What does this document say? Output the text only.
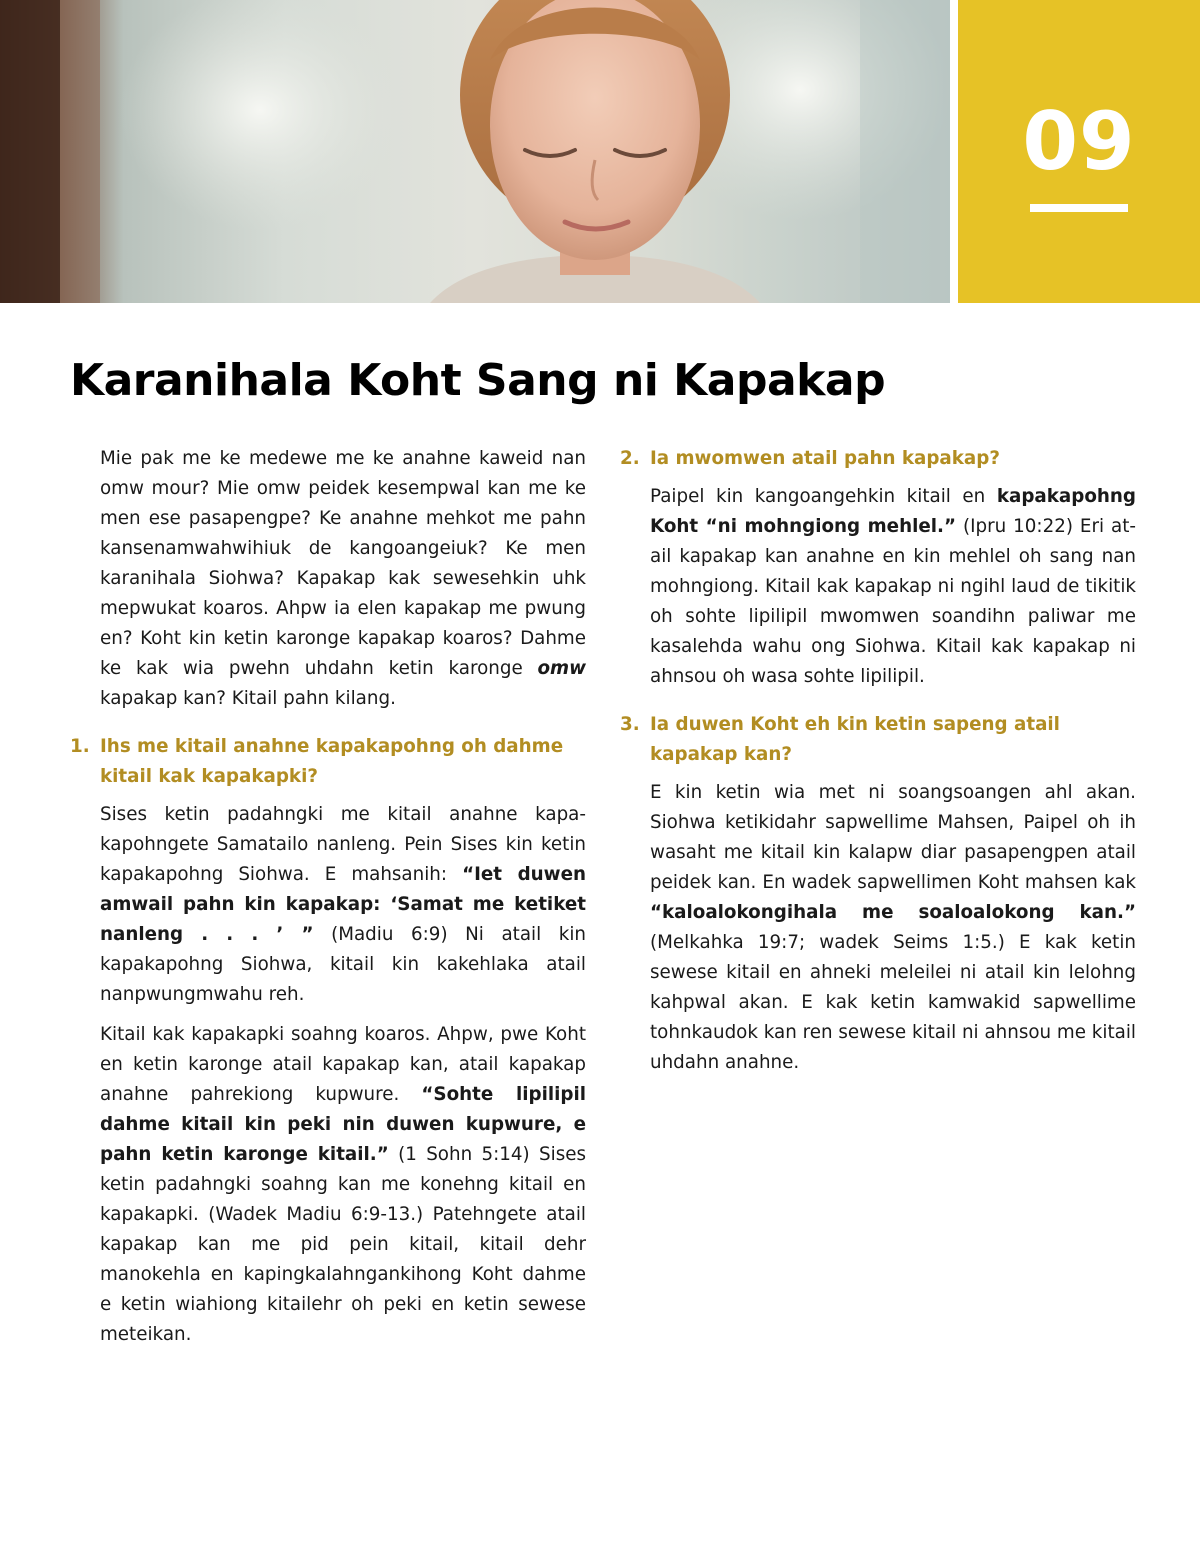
09
Karanihala Koht Sang ni Kapakap

Mie pak me ke medewe me ke anahne kaweid nan omw mour? Mie omw peidek kesempwal kan me ke men ese pasapengpe? Ke anahne mehkot me pahn kansenamwahwihiuk de kangoangeiuk? Ke men karanihala Siohwa? Kapakap kak sewesehkin uhk mepwukat koaros. Ahpw ia elen kapakap me pwung en? Koht kin ketin karonge kapakap koaros? Dahme ke kak wia pwehn uhdahn ketin karonge omw kapakap kan? Kitail pahn kilang.

1. Ihs me kitail anahne kapakapohng oh dahme kitail kak kapakapki?

Sises ketin padahngki me kitail anahne kapakapohngete Samatailo nanleng. Pein Sises kin ketin kapakapohng Siohwa. E mahsanih: “Iet duwen amwail pahn kin kapakap: ‘Samat me ketiket nanleng . . . ’ ” (Madiu 6:9) Ni atail kin kapakapohng Siohwa, kitail kin kakehlaka atail nanpwungmwahu reh.

Kitail kak kapakapki soahng koaros. Ahpw, pwe Koht en ketin karonge atail kapakap kan, atail kapakap anahne pahrekiong kupwure. “Sohte lipilipil dahme kitail kin peki nin duwen kupwure, e pahn ketin karonge kitail.” (1 Sohn 5:14) Sises ketin padahngki soahng kan me konehng kitail en kapakapki. (Wadek Madiu 6:9-13.) Patehngete atail kapakap kan me pid pein kitail, kitail dehr manokehla en kapingkalahngankihong Koht dahme e ketin wiahiong kitailehr oh peki en ketin sewese meteikan.

2. Ia mwomwen atail pahn kapakap?

Paipel kin kangoangehkin kitail en kapakapohng Koht “ni mohngiong mehlel.” (Ipru 10:22) Eri atail kapakap kan anahne en kin mehlel oh sang nan mohngiong. Kitail kak kapakap ni ngihl laud de tikitik oh sohte lipilipil mwomwen soandihn paliwar me kasalehda wahu ong Siohwa. Kitail kak kapakap ni ahnsou oh wasa sohte lipilipil.

3. Ia duwen Koht eh kin ketin sapeng atail kapakap kan?

E kin ketin wia met ni soangsoangen ahl akan. Siohwa ketikidahr sapwellime Mahsen, Paipel oh ih wasaht me kitail kin kalapw diar pasapengpen atail peidek kan. En wadek sapwellimen Koht mahsen kak “kaloalokongihala me soaloalokong kan.” (Melkahka 19:7; wadek Seims 1:5.) E kak ketin sewese kitail en ahneki meleilei ni atail kin lelohng kahpwal akan. E kak ketin kamwakid sapwellime tohnkaudok kan ren sewese kitail ni ahnsou me kitail uhdahn anahne.
